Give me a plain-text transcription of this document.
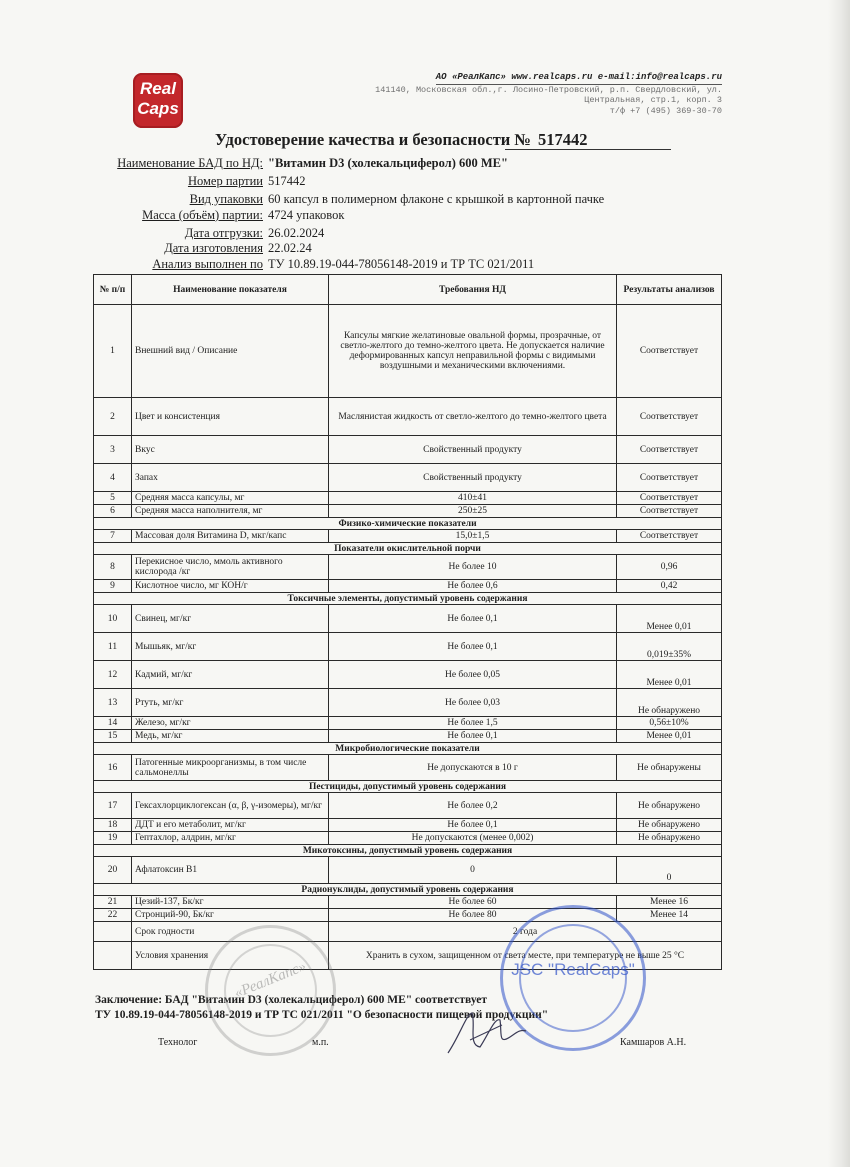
Real
Caps
АО «РеалКапс» www.realcaps.ru e-mail:info@realcaps.ru
141140, Московская обл.,г. Лосино-Петровский, р.п. Свердловский, ул.
Центральная, стр.1, корп. 3
т/ф +7 (495) 369-30-70
Удостоверение качества и безопасности № 517442
Наименование БАД по НД: "Витамин D3 (холекальциферол) 600 МЕ"
Номер партии 517442
Вид упаковки 60 капсул в полимерном флаконе с крышкой в картонной пачке
Масса (объём) партии: 4724 упаковок
Дата отгрузки: 26.02.2024
Дата изготовления 22.02.24
Анализ выполнен по ТУ 10.89.19-044-78056148-2019 и ТР ТС 021/2011
№ п/п	Наименование показателя	Требования НД	Результаты анализов
1	Внешний вид / Описание	Капсулы мягкие желатиновые овальной формы, прозрачные, от светло-желтого до темно-желтого цвета. Не допускается наличие деформированных капсул неправильной формы с видимыми воздушными и механическими включениями.	Соответствует
2	Цвет и консистенция	Маслянистая жидкость от светло-желтого до темно-желтого цвета	Соответствует
3	Вкус	Свойственный продукту	Соответствует
4	Запах	Свойственный продукту	Соответствует
5	Средняя масса капсулы, мг	410±41	Соответствует
6	Средняя масса наполнителя, мг	250±25	Соответствует
Физико-химические показатели			
7	Массовая доля Витамина D, мкг/капс	15,0±1,5	Соответствует
Показатели окислительной порчи			
8	Перекисное число, ммоль активного кислорода /кг	Не более 10	0,96
9	Кислотное число, мг КОН/г	Не более 0,6	0,42
Токсичные элементы, допустимый уровень содержания			
10	Свинец, мг/кг	Не более 0,1	Менее 0,01
11	Мышьяк, мг/кг	Не более 0,1	0,019±35%
12	Кадмий, мг/кг	Не более 0,05	Менее 0,01
13	Ртуть, мг/кг	Не более 0,03	Не обнаружено
14	Железо, мг/кг	Не более 1,5	0,56±10%
15	Медь, мг/кг	Не более 0,1	Менее 0,01
Микробиологические показатели			
16	Патогенные микроорганизмы, в том числе сальмонеллы	Не допускаются в 10 г	Не обнаружены
Пестициды, допустимый уровень содержания			
17	Гексахлорциклогексан (α, β, γ-изомеры), мг/кг	Не более 0,2	Не обнаружено
18	ДДТ и его метаболит, мг/кг	Не более 0,1	Не обнаружено
19	Гептахлор, алдрин, мг/кг	Не допускаются (менее 0,002)	Не обнаружено
Микотоксины, допустимый уровень содержания			
20	Афлатоксин В1	0	0
Радионуклиды, допустимый уровень содержания			
21	Цезий-137, Бк/кг	Не более 60	Менее 16
22	Стронций-90, Бк/кг	Не более 80	Менее 14
	Срок годности	2 года	
	Условия хранения	Хранить в сухом, защищенном от света месте, при температуре не выше 25 °С	
Заключение: БАД "Витамин D3 (холекальциферол) 600 МЕ" соответствует
ТУ 10.89.19-044-78056148-2019 и ТР ТС 021/2011 "О безопасности пищевой продукции"
Технолог	м.п.	Камшаров А.Н.
«РеалКапс»	JSC "RealCaps"
